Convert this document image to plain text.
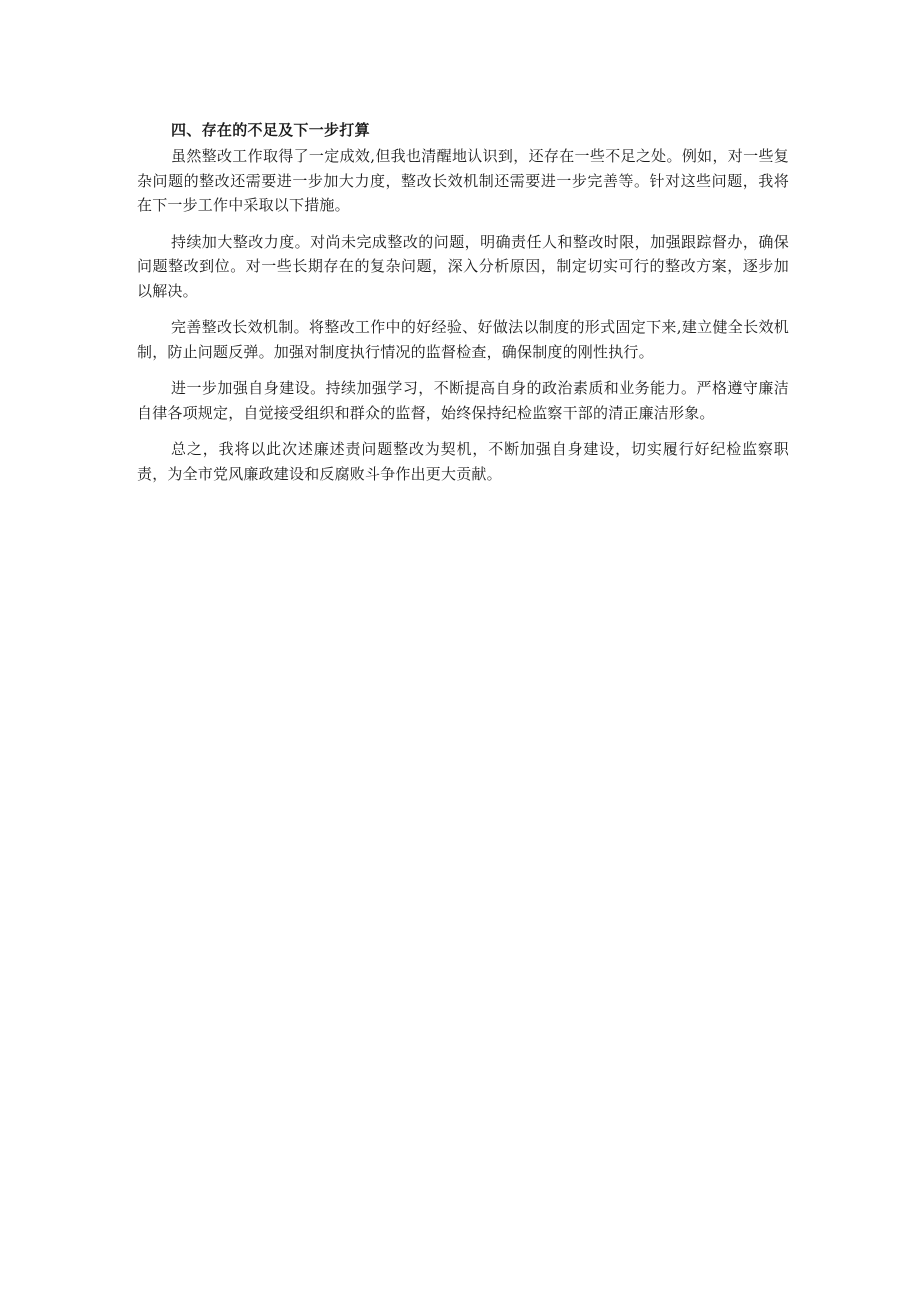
四、存在的不足及下一步打算

虽然整改工作取得了一定成效,但我也清醒地认识到，还存在一些不足之处。例如，对一些复杂问题的整改还需要进一步加大力度，整改长效机制还需要进一步完善等。针对这些问题，我将在下一步工作中采取以下措施。

持续加大整改力度。对尚未完成整改的问题，明确责任人和整改时限，加强跟踪督办，确保问题整改到位。对一些长期存在的复杂问题，深入分析原因，制定切实可行的整改方案，逐步加以解决。

完善整改长效机制。将整改工作中的好经验、好做法以制度的形式固定下来,建立健全长效机制，防止问题反弹。加强对制度执行情况的监督检查，确保制度的刚性执行。

进一步加强自身建设。持续加强学习，不断提高自身的政治素质和业务能力。严格遵守廉洁自律各项规定，自觉接受组织和群众的监督，始终保持纪检监察干部的清正廉洁形象。

总之，我将以此次述廉述责问题整改为契机，不断加强自身建设，切实履行好纪检监察职责，为全市党风廉政建设和反腐败斗争作出更大贡献。
